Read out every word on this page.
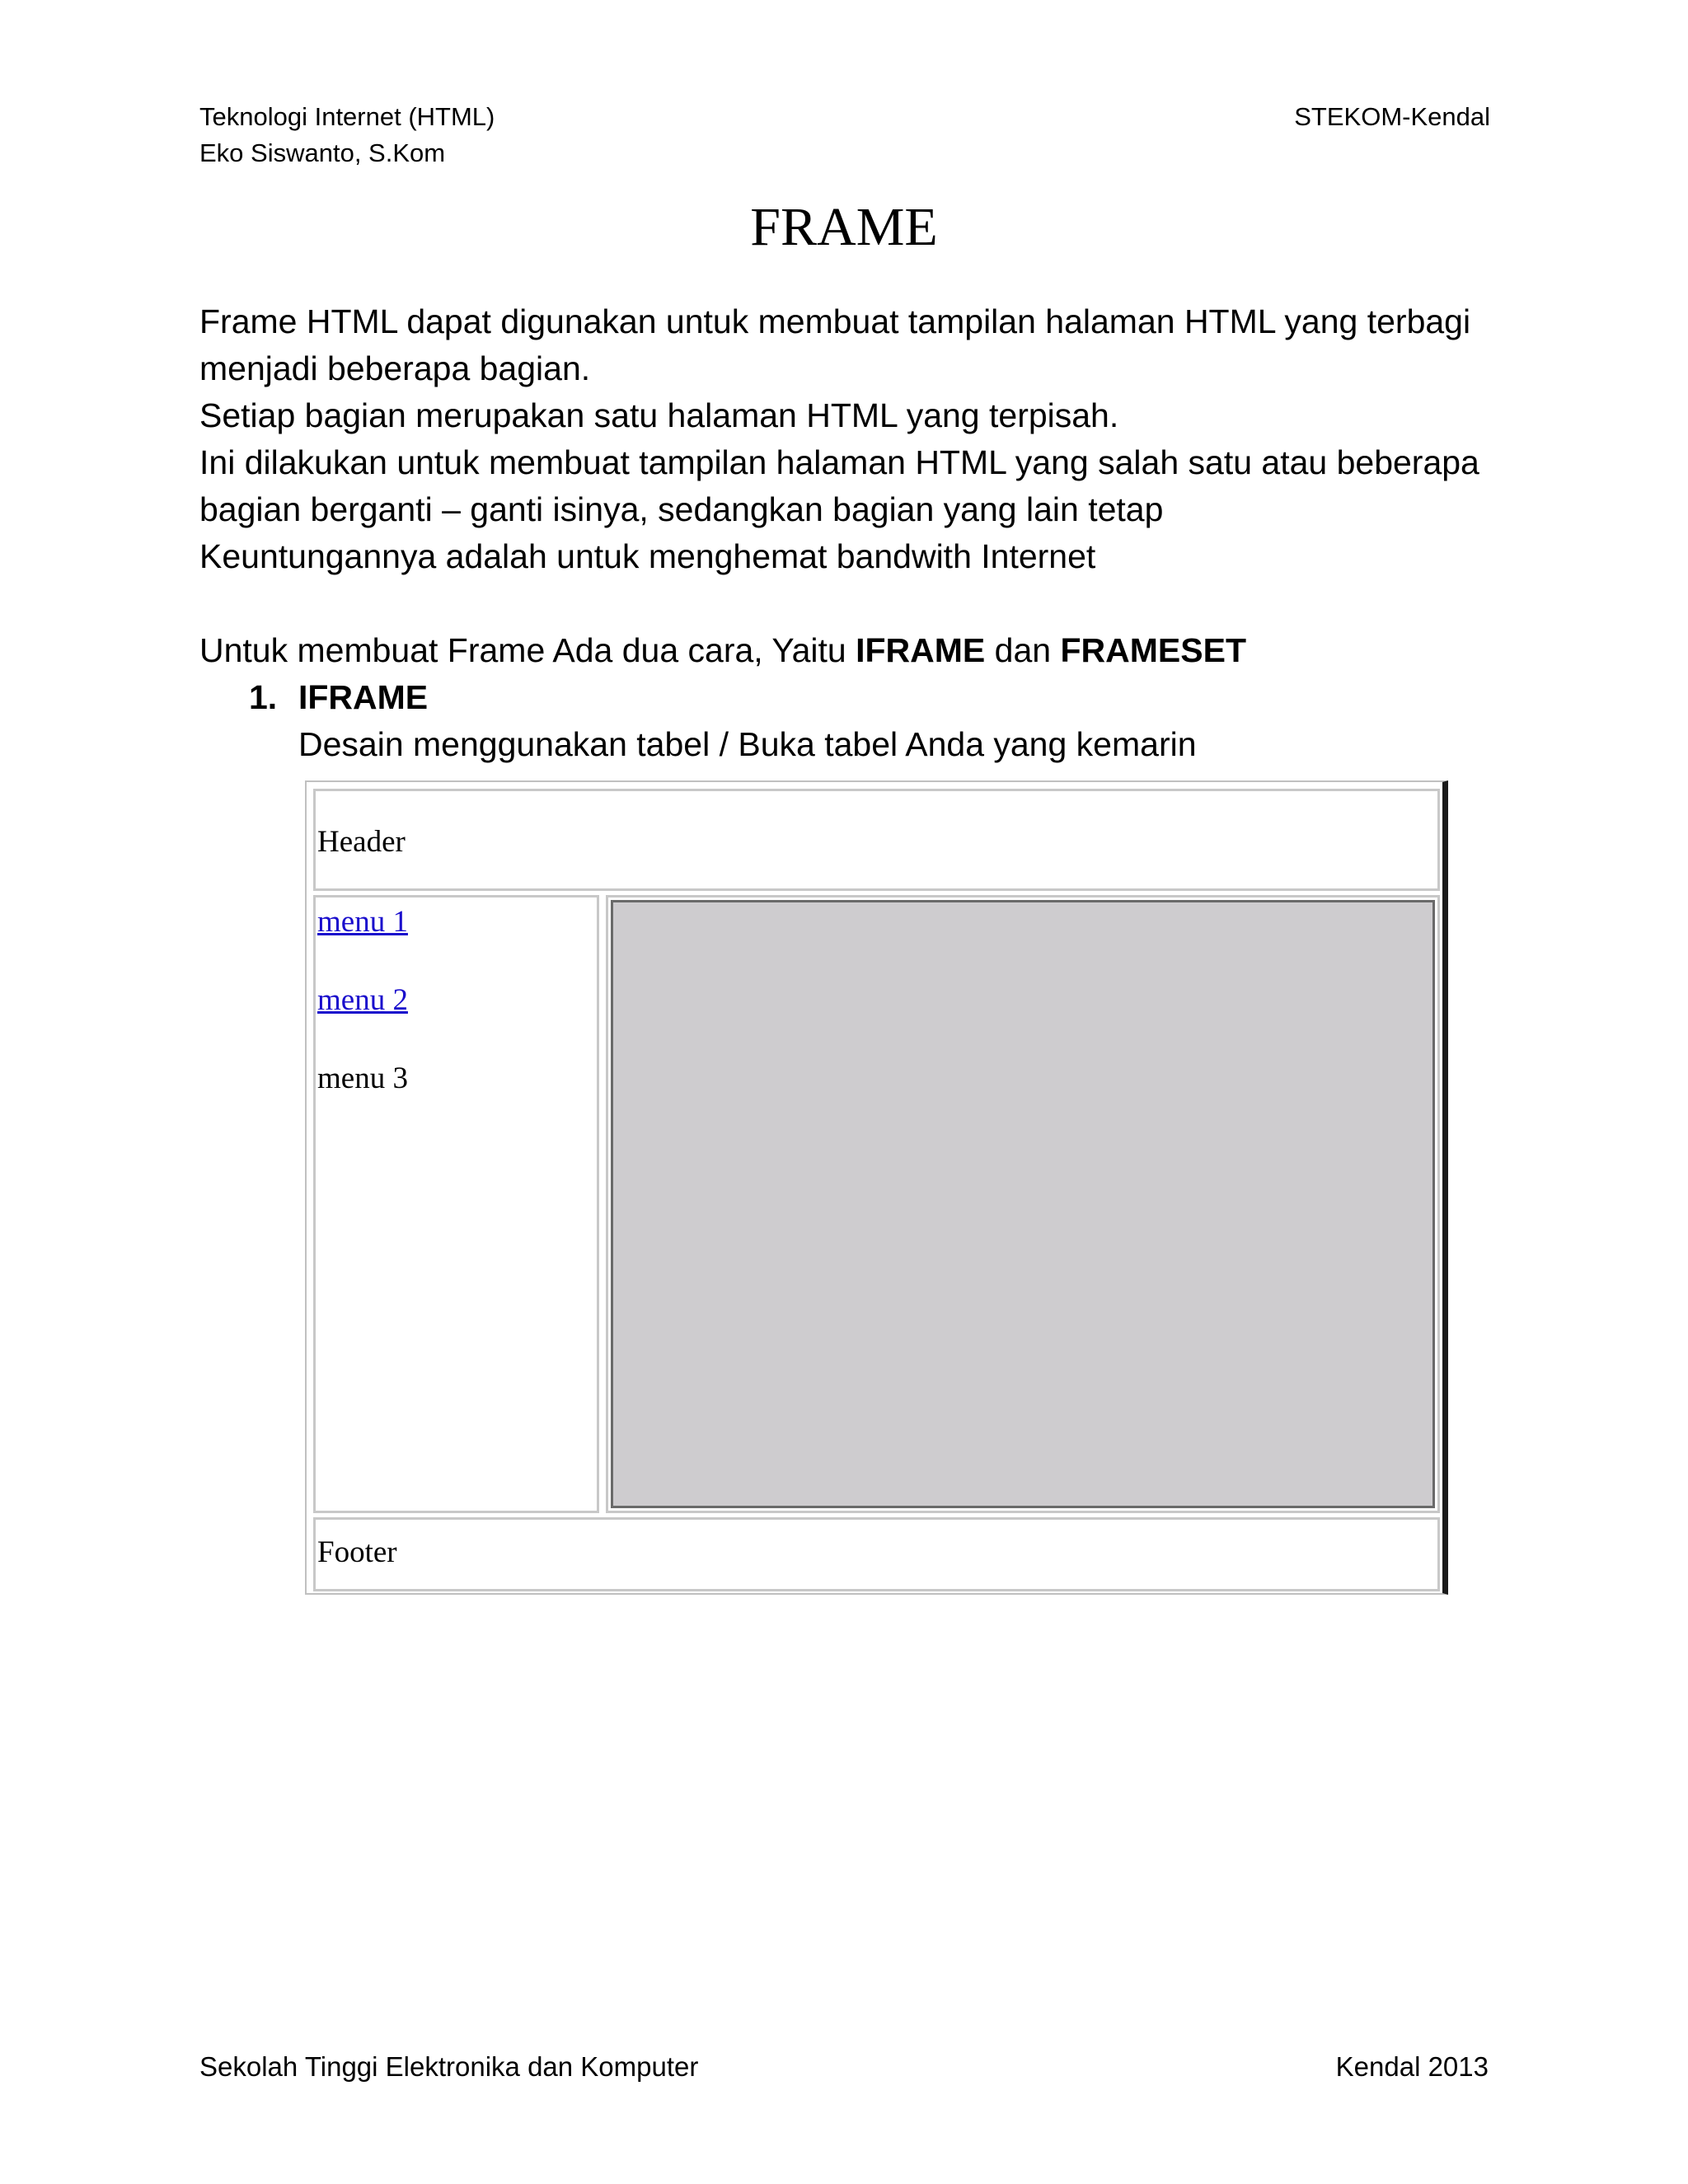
Teknologi Internet (HTML)
Eko Siswanto, S.Kom
STEKOM-Kendal
FRAME

Frame HTML dapat digunakan untuk membuat tampilan halaman HTML yang terbagi menjadi beberapa bagian.

Setiap bagian merupakan satu halaman HTML yang terpisah.

Ini dilakukan untuk membuat tampilan halaman HTML yang salah satu atau beberapa bagian berganti – ganti isinya, sedangkan bagian yang lain tetap

Keuntungannya adalah untuk menghemat bandwith Internet

Untuk membuat Frame Ada dua cara, Yaitu IFRAME dan FRAMESET

1. IFRAME
Desain menggunakan tabel / Buka tabel Anda yang kemarin
Header
menu 1
menu 2
menu 3
Footer
Sekolah Tinggi Elektronika dan Komputer	Kendal 2013
